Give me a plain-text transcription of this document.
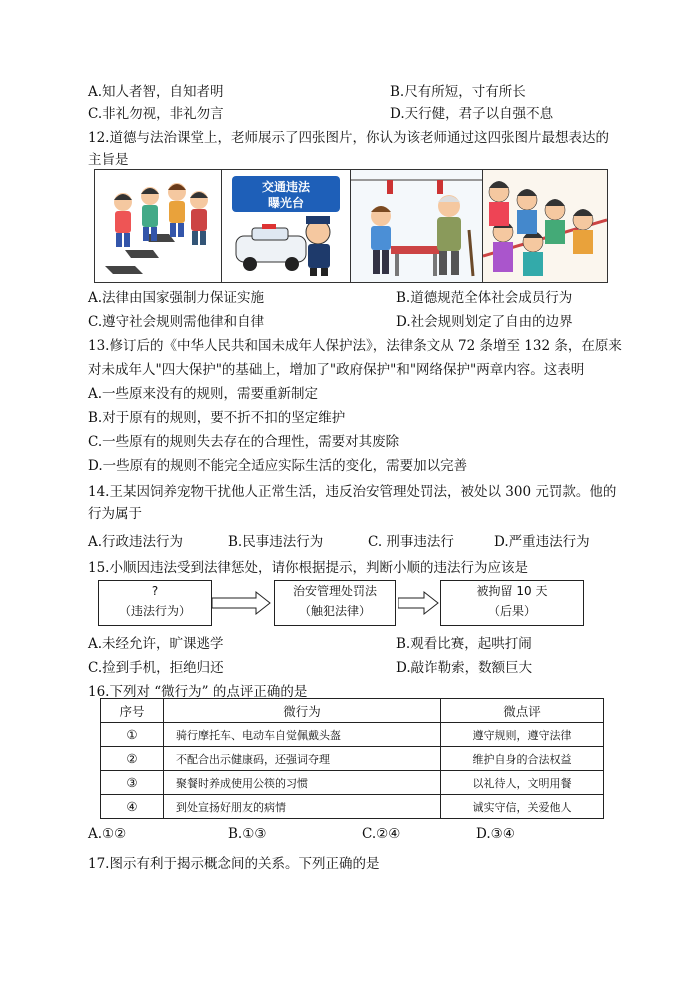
A.知人者智，自知者明	B.尺有所短，寸有所长
C.非礼勿视，非礼勿言	D.天行健，君子以自强不息
12.道德与法治课堂上，老师展示了四张图片，你认为该老师通过这四张图片最想表达的
主旨是
交通违法
曝光台
A.法律由国家强制力保证实施	B.道德规范全体社会成员行为
C.遵守社会规则需他律和自律	D.社会规则划定了自由的边界
13.修订后的《中华人民共和国未成年人保护法》，法律条文从 72 条增至 132 条，在原来
对未成年人"四大保护"的基础上，增加了"政府保护"和"网络保护"两章内容。这表明
A.一些原来没有的规则，需要重新制定
B.对于原有的规则，要不折不扣的坚定维护
C.一些原有的规则失去存在的合理性，需要对其废除
D.一些原有的规则不能完全适应实际生活的变化，需要加以完善
14.王某因饲养宠物干扰他人正常生活，违反治安管理处罚法，被处以 300 元罚款。他的
行为属于
A.行政违法行为	B.民事违法行为	C. 刑事违法行	D.严重违法行为
15.小顺因违法受到法律惩处，请你根据提示，判断小顺的违法行为应该是
?
（违法行为）
治安管理处罚法
（触犯法律）
被拘留 10 天
（后果）
A.未经允许，旷课逃学	B.观看比赛，起哄打闹
C.捡到手机，拒绝归还	D.敲诈勒索，数额巨大
16.下列对 “微行为” 的点评正确的是
序号	微行为	微点评
①	骑行摩托车、电动车自觉佩戴头盔	遵守规则，遵守法律
②	不配合出示健康码，还强词夺理	维护自身的合法权益
③	聚餐时养成使用公筷的习惯	以礼待人，文明用餐
④	到处宣扬好朋友的病情	诚实守信，关爱他人
A.①②	B.①③	C.②④	D.③④
17.图示有利于揭示概念间的关系。下列正确的是
